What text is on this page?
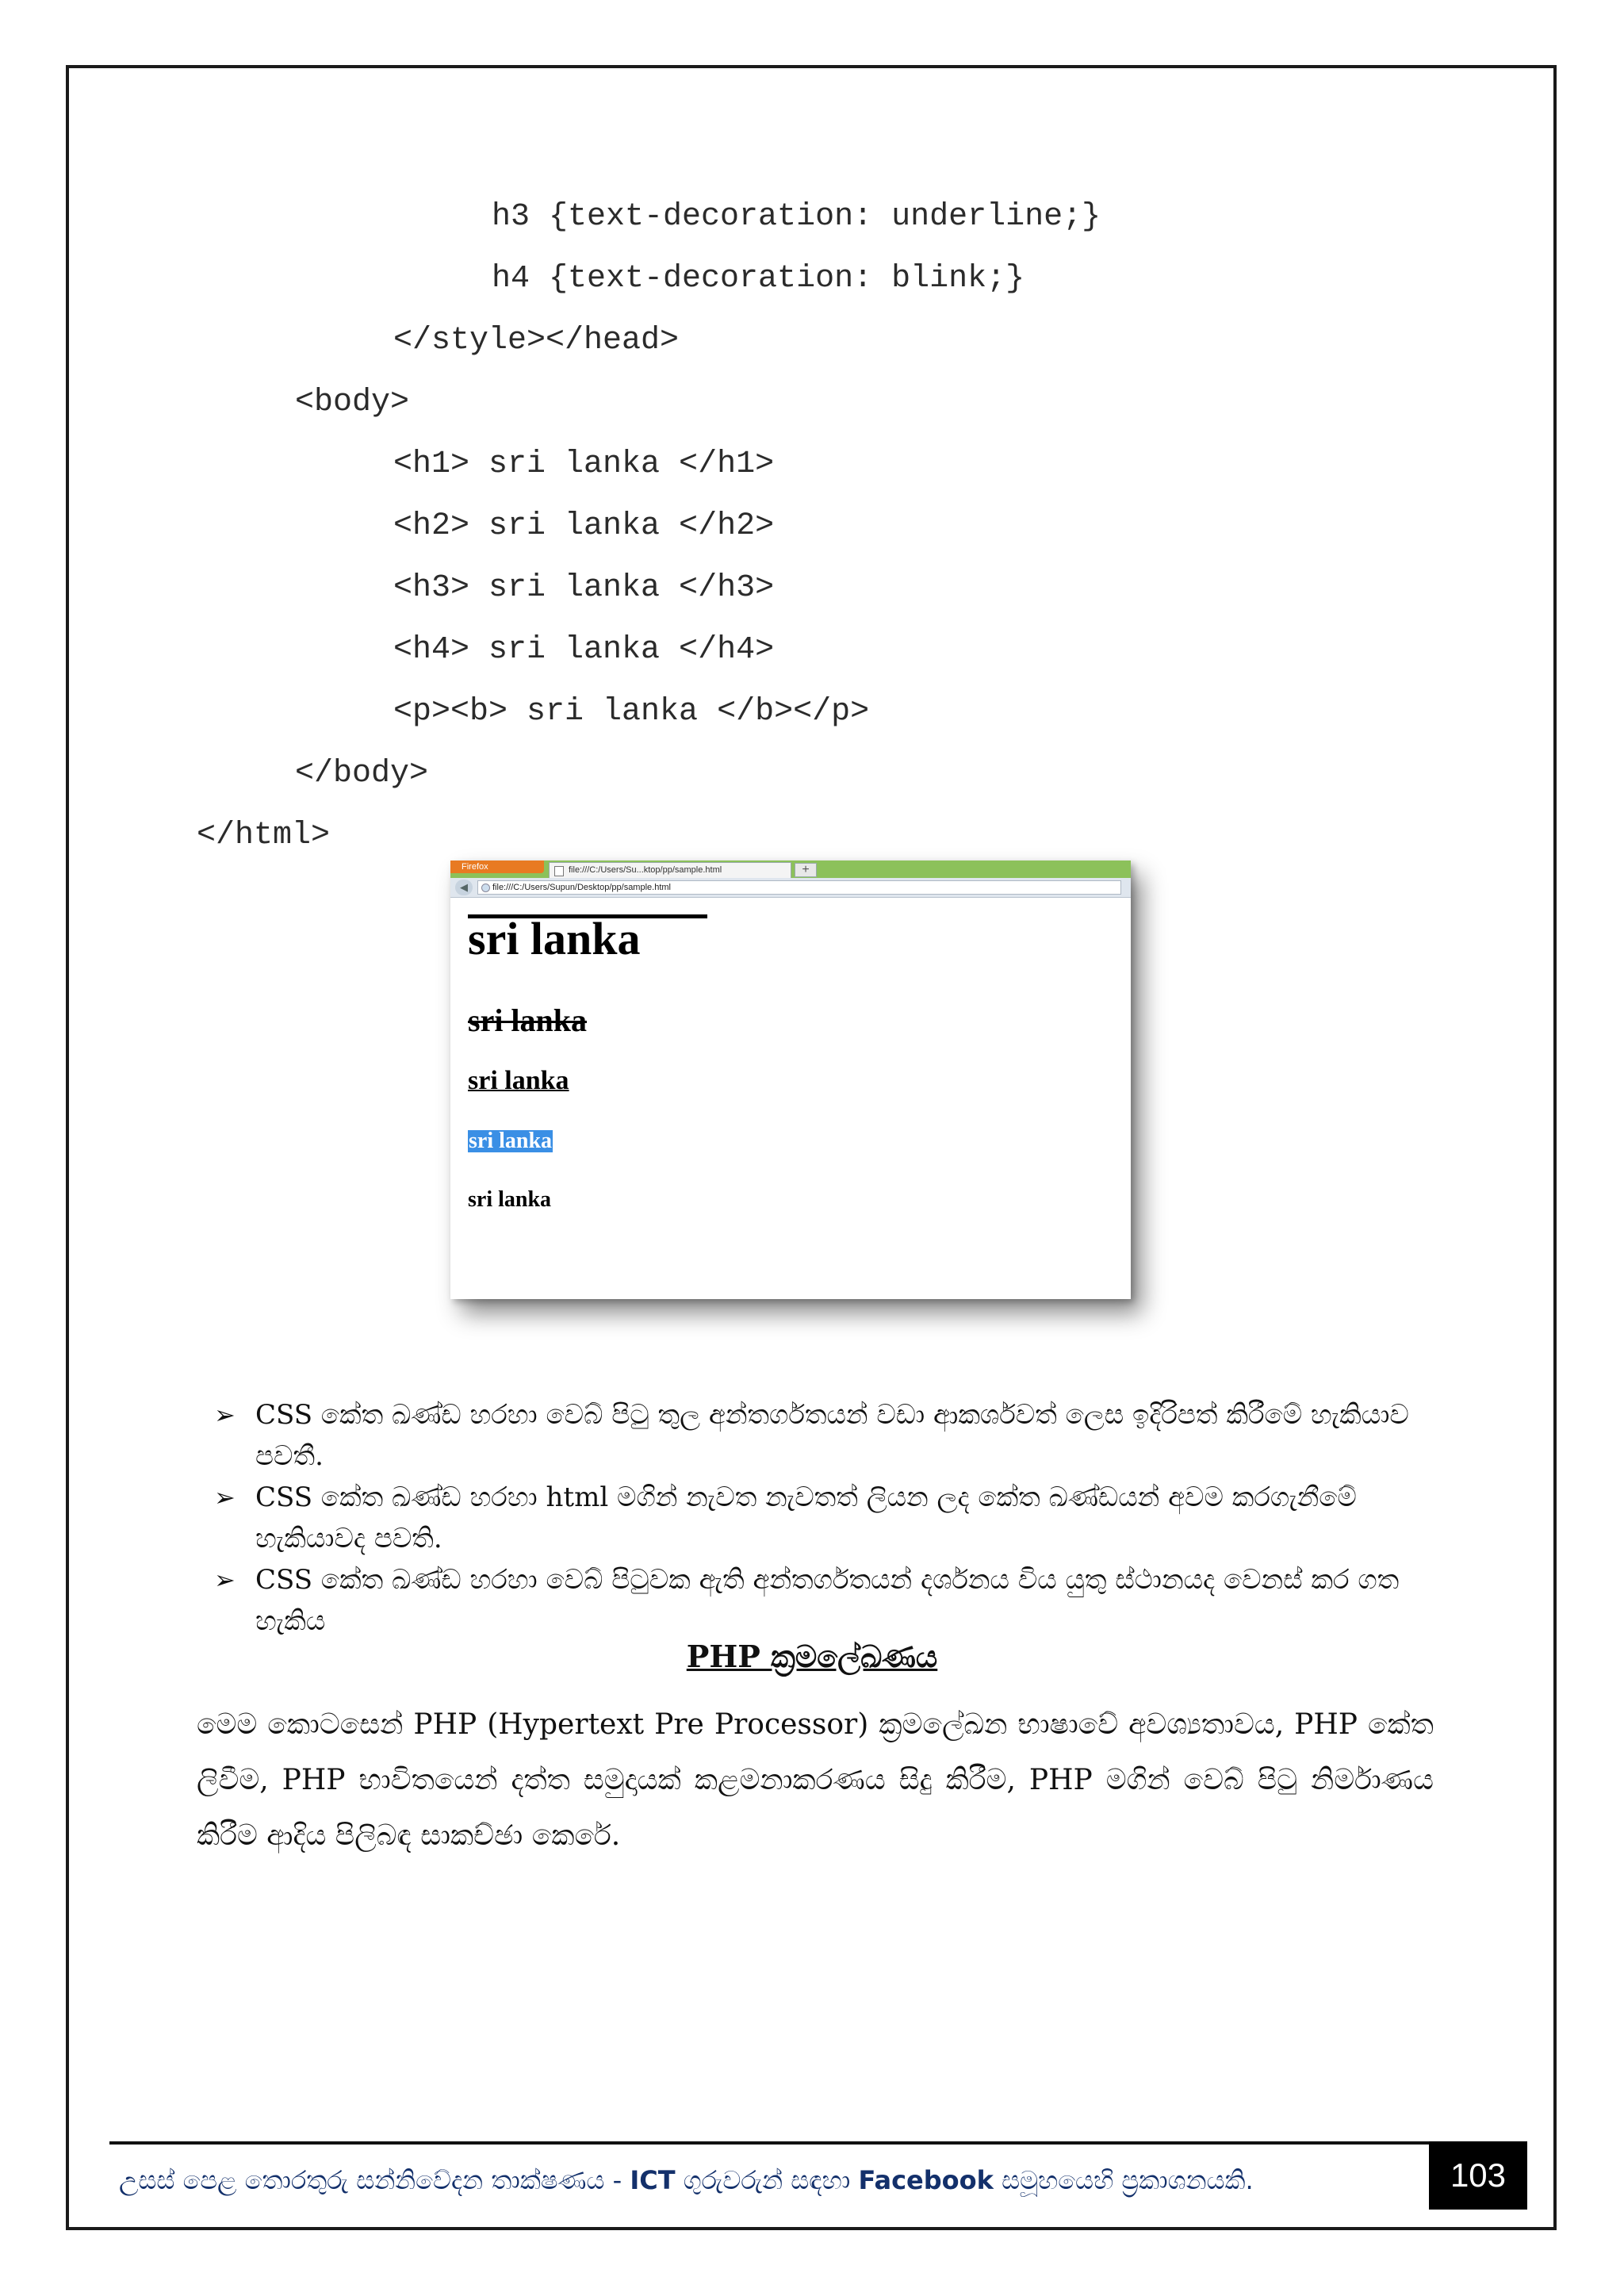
h3 {text-decoration: underline;}
h4 {text-decoration: blink;}
</style></head>
<body>
<h1> sri lanka </h1>
<h2> sri lanka </h2>
<h3> sri lanka </h3>
<h4> sri lanka </h4>
<p><b> sri lanka </b></p>
</body>
</html>
Firefox	file:///C:/Users/Su...ktop/pp/sample.html	+
◀	file:///C:/Users/Supun/Desktop/pp/sample.html
sri lanka
sri lanka
sri lanka
sri lanka
sri lanka
➢ CSS කේත ඛණ්ඩ හරහා වෙබ් පිටු තුල අන්තර්ගතයන් වඩා ආකර්ශවත් ලෙස ඉදිරිපත් කිරීමේ හැකියාව පවතී.
➢ CSS කේත ඛණ්ඩ හරහා html මගින් නැවත නැවතත් ලියන ලද කේත ඛණ්ඩයන් අවම කරගැනීමේ හැකියාවද පවති.
➢ CSS කේත ඛණ්ඩ හරහා වෙබ් පිටුවක ඇති අන්තර්ගතයන් දර්ශනය විය යුතු ස්ථානයද වෙනස් කර ගත හැකිය
PHP ක්‍රමලේඛණය
මෙම කොටසෙන් PHP (Hypertext Pre Processor) ක්‍රමලේඛන භාෂාවේ අවශ්‍යතාවය, PHP කේත ලිවීම, PHP භාවිතයෙන් දත්ත සමුදායක් කළමනාකරණය සිදු කිරීම, PHP මගින් වෙබ් පිටු නිර්මාණය කිරීම ආදිය පිලිබඳ සාකච්ඡා කෙරේ.
උසස් පෙළ තොරතුරු සන්නිවේදන තාක්ෂණය - ICT ගුරුවරුන් සඳහා Facebook සමූහයෙහි ප්‍රකාශනයකි.	103
